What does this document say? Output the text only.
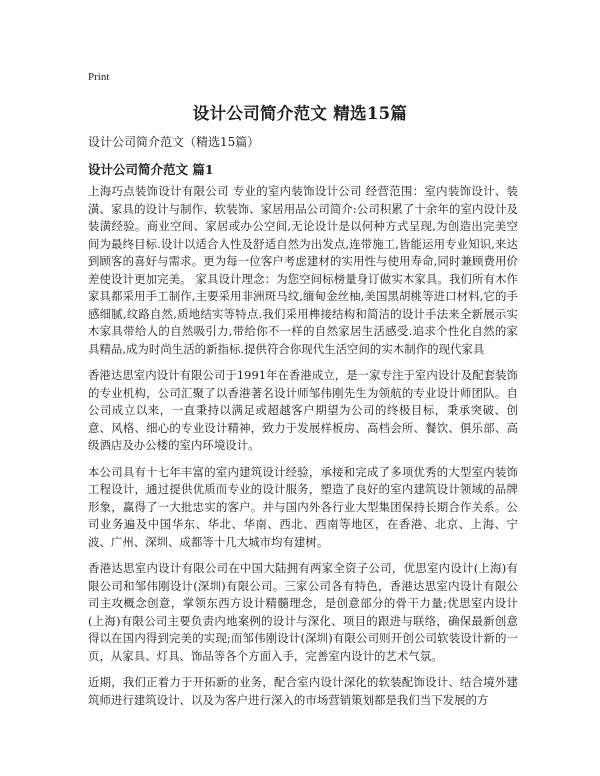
Print
设计公司简介范文 精选15篇
设计公司简介范文（精选15篇）
设计公司简介范文 篇1

上海巧点装饰设计有限公司 专业的室内装饰设计公司 经营范围：室内装饰设计、装潢、家具的设计与制作、软装饰、家居用品公司简介:公司积累了十余年的室内设计及装潢经验。商业空间、家居或办公空间,无论设计是以何种方式呈现,为创造出完美空间为最终目标.设计以适合人性及舒适自然为出发点,连带施工,皆能运用专业知识,来达到顾客的喜好与需求。更为每一位客户考虑建材的实用性与使用寿命,同时兼顾费用价差使设计更加完美。 家具设计理念：为您空间标榜量身订做实木家具。我们所有木作家具都采用手工制作,主要采用非洲斑马纹,缅甸金丝柚,美国黑胡桃等进口材料,它的手感细腻,纹路自然,质地结实等特点.我们采用榫接结构和简洁的设计手法来全新展示实木家具带给人的自然吸引力,带给你不一样的自然家居生活感受.追求个性化自然的家具精品,成为时尚生活的新指标.提供符合你现代生活空间的实木制作的现代家具

香港达思室内设计有限公司于1991年在香港成立，是一家专注于室内设计及配套装饰的专业机构，公司汇聚了以香港著名设计师邹伟刚先生为领航的专业设计师团队。自公司成立以来，一直秉持以满足或超越客户期望为公司的终极目标，秉承突破、创意、风格、细心的专业设计精神，致力于发展样板房、高档会所、餐饮、俱乐部、高级酒店及办公楼的室内环境设计。

本公司具有十七年丰富的室内建筑设计经验，承接和完成了多项优秀的大型室内装饰工程设计，通过提供优质而专业的设计服务，塑造了良好的室内建筑设计领域的品牌形象，赢得了一大批忠实的客户。并与国内外各行业大型集团保持长期合作关系。公司业务遍及中国华东、华北、华南、西北、西南等地区，在香港、北京、上海、宁波、广州、深圳、成都等十几大城市均有建树。

香港达思室内设计有限公司在中国大陆拥有两家全资子公司，优思室内设计(上海)有限公司和邹伟刚设计(深圳)有限公司。三家公司各有特色，香港达思室内设计有限公司主攻概念创意，掌领东西方设计精髓理念，是创意部分的骨干力量;优思室内设计(上海)有限公司主要负责内地案例的设计与深化、项目的跟进与联络，确保最新创意得以在国内得到完美的实现;而邹伟刚设计(深圳)有限公司则开创公司软装设计新的一页，从家具、灯具、饰品等各个方面入手，完善室内设计的艺术气氛。

近期，我们正着力于开拓新的业务，配合室内设计深化的软装配饰设计、结合境外建筑师进行建筑设计、以及为客户进行深入的市场营销策划都是我们当下发展的方
